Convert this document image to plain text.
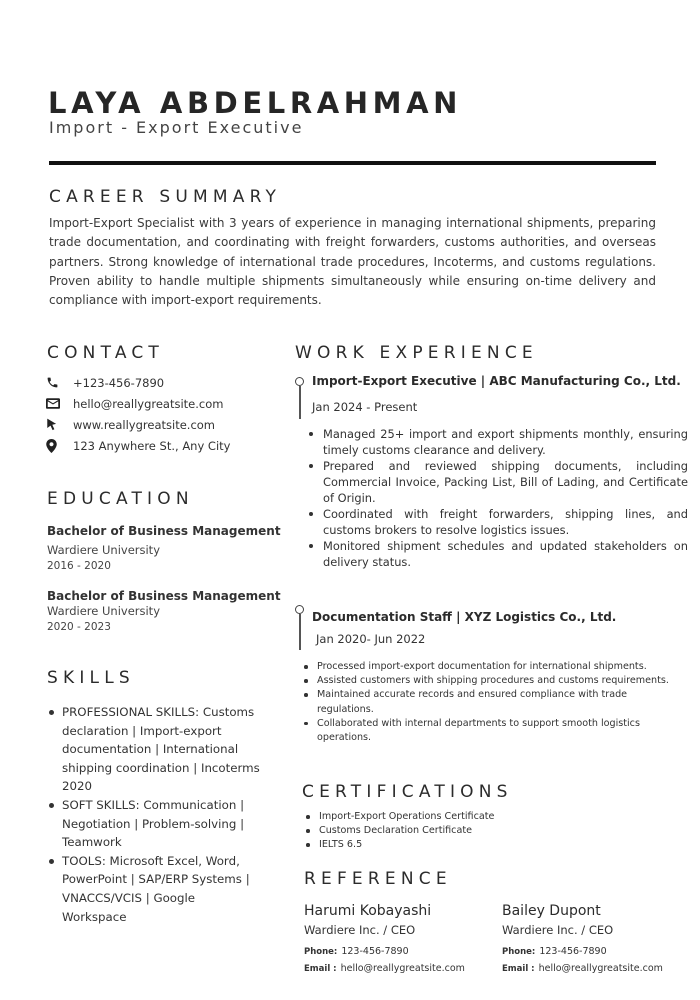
LAYA ABDELRAHMAN
Import - Export Executive
CAREER SUMMARY

Import-Export Specialist with 3 years of experience in managing international shipments, preparing trade documentation, and coordinating with freight forwarders, customs authorities, and overseas partners. Strong knowledge of international trade procedures, Incoterms, and customs regulations. Proven ability to handle multiple shipments simultaneously while ensuring on-time delivery and compliance with import-export requirements.

CONTACT
+123-456-7890
hello@reallygreatsite.com
www.reallygreatsite.com
123 Anywhere St., Any City
EDUCATION
Bachelor of Business Management
Wardiere University
2016 - 2020
Bachelor of Business Management
Wardiere University
2020 - 2023
SKILLS
PROFESSIONAL SKILLS: Customs declaration | Import-export documentation | International shipping coordination | Incoterms 2020
SOFT SKILLS: Communication | Negotiation | Problem-solving | Teamwork
TOOLS: Microsoft Excel, Word, PowerPoint | SAP/ERP Systems | VNACCS/VCIS | Google Workspace
WORK EXPERIENCE
Import-Export Executive | ABC Manufacturing Co., Ltd.
Jan 2024 - Present
Managed 25+ import and export shipments monthly, ensuring timely customs clearance and delivery.
Prepared and reviewed shipping documents, including Commercial Invoice, Packing List, Bill of Lading, and Certificate of Origin.
Coordinated with freight forwarders, shipping lines, and customs brokers to resolve logistics issues.
Monitored shipment schedules and updated stakeholders on delivery status.
Documentation Staff | XYZ Logistics Co., Ltd.
Jan 2020- Jun 2022
Processed import-export documentation for international shipments.
Assisted customers with shipping procedures and customs requirements.
Maintained accurate records and ensured compliance with trade regulations.
Collaborated with internal departments to support smooth logistics operations.
CERTIFICATIONS
Import-Export Operations Certificate
Customs Declaration Certificate
IELTS 6.5
REFERENCE
Harumi Kobayashi
Wardiere Inc. / CEO
Phone: 123-456-7890
Email : hello@reallygreatsite.com
Bailey Dupont
Wardiere Inc. / CEO
Phone: 123-456-7890
Email : hello@reallygreatsite.com
